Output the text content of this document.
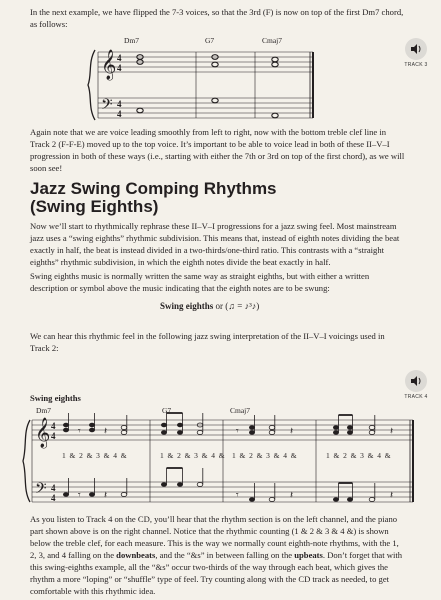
In the next example, we have flipped the 7-3 voices, so that the 3rd (F) is now on top of the first Dm7 chord, as follows:

𝄞
𝄢
4
4
4
4
Dm7	G7	Cmaj7
TRACK 3

Again note that we are voice leading smoothly from left to right, now with the bottom treble clef line in Track 2 (F-F-E) moved up to the top voice. It’s important to be able to voice lead in both of these II–V–I progression in both of these ways (i.e., starting with either the 7th or 3rd on top of the first chord), as we will soon see!

Jazz Swing Comping Rhythms
(Swing Eighths)

Now we’ll start to rhythmically rephrase these II–V–I progressions for a jazz swing feel. Most mainstream jazz uses a “swing eighths” rhythmic subdivision. This means that, instead of eighth notes dividing the beat exactly in half, the beat is instead divided in a two-thirds/one-third ratio. This contrasts with a “straight eighths” rhythmic subdivision, in which the eighth notes divide the beat exactly in half.

Swing eighths music is normally written the same way as straight eighths, but with either a written description or symbol above the music indicating that the eighth notes are to be swung:

Swing eighths or (♫ = ♪³♪)

We can hear this rhythmic feel in the following jazz swing interpretation of the II–V–I voicings used in Track 2:

Swing eighths
Dm7	G7	Cmaj7
TRACK 4
𝄞
𝄢
4
4
4
4
𝄾 𝄽	𝄾	𝄽	𝄽
𝄾 𝄽	𝄾	𝄽	𝄽
1  &  2  &  3  &  4  &	1  &  2  &  3  &  4  & 1  &  2  &  3  &  4  &	1  &  2  &  3  &  4  &

As you listen to Track 4 on the CD, you’ll hear that the rhythm section is on the left channel, and the piano part shown above is on the right channel. Notice that the rhythmic counting (1 & 2 & 3 & 4 &) is shown below the treble clef, for each measure. This is the way we normally count eighth-note rhythms, with the 1, 2, 3, and 4 falling on the downbeats, and the “&s” in between falling on the upbeats. Don’t forget that with this swing-eighths example, all the “&s” occur two-thirds of the way through each beat, which gives the rhythm a more “loping” or “shuffle” type of feel. Try counting along with the CD track as needed, to get comfortable with this rhythmic idea.
